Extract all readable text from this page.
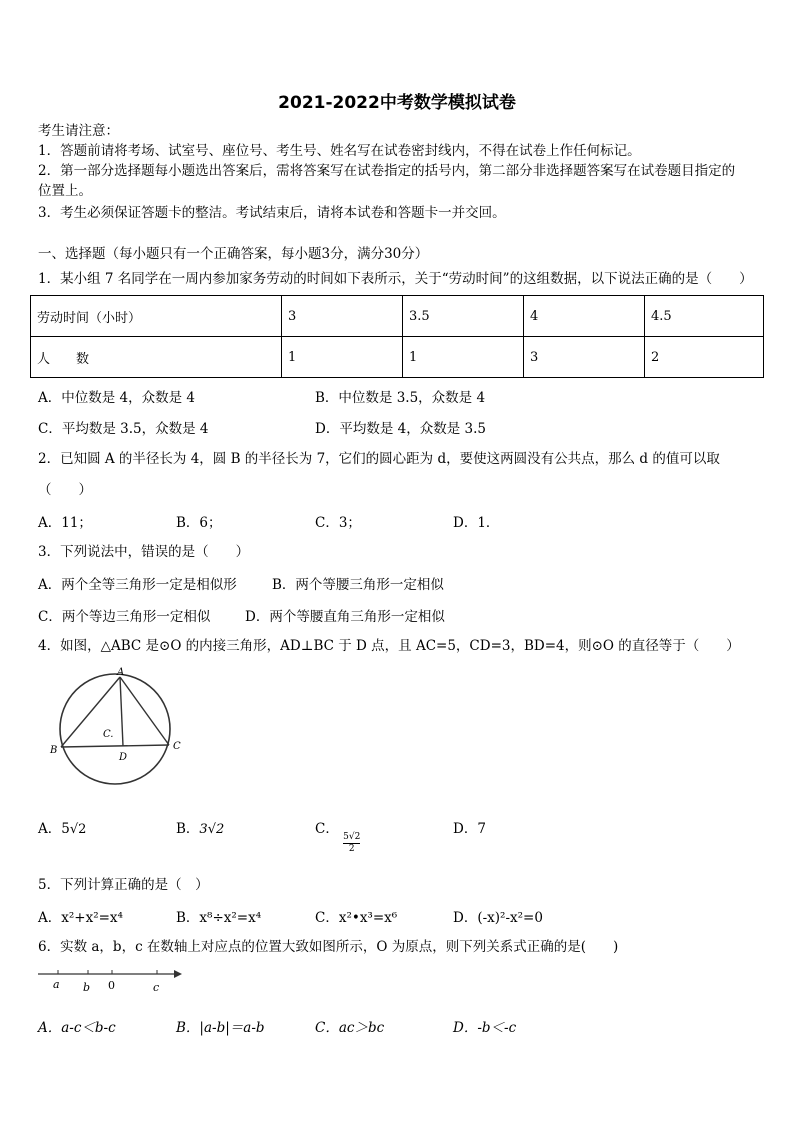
2021-2022中考数学模拟试卷
考生请注意：
1．答题前请将考场、试室号、座位号、考生号、姓名写在试卷密封线内，不得在试卷上作任何标记。
2．第一部分选择题每小题选出答案后，需将答案写在试卷指定的括号内，第二部分非选择题答案写在试卷题目指定的
位置上。
3．考生必须保证答题卡的整洁。考试结束后，请将本试卷和答题卡一并交回。
一、选择题（每小题只有一个正确答案，每小题3分，满分30分）
1．某小组 7 名同学在一周内参加家务劳动的时间如下表所示，关于“劳动时间”的这组数据，以下说法正确的是（　　）
劳动时间（小时）	3	3.5	4	4.5
人　　数	1	1	3	2
A．中位数是 4，众数是 4	B．中位数是 3.5，众数是 4
C．平均数是 3.5，众数是 4	D．平均数是 4，众数是 3.5
2．已知圆 A 的半径长为 4，圆 B 的半径长为 7，它们的圆心距为 d，要使这两圆没有公共点，那么 d 的值可以取
（　　）
A．11；	B．6；	C．3；	D．1．
3．下列说法中，错误的是（　　）
A．两个全等三角形一定是相似形	B．两个等腰三角形一定相似
C．两个等边三角形一定相似	D．两个等腰直角三角形一定相似
4．如图，△ABC 是⊙O 的内接三角形，AD⊥BC 于 D 点，且 AC=5，CD=3，BD=4，则⊙O 的直径等于（　　）
A
B	C
D
C.
A．5√2	B．3√2	C．
$\frac{5√2}{2}$
D．7
5．下列计算正确的是（　）
A．x²+x²=x⁴	B．x⁸÷x²=x⁴	C．x²•x³=x⁶	D．(-x)²-x²=0
6．实数 a，b，c 在数轴上对应点的位置大致如图所示，O 为原点，则下列关系式正确的是(　　)
a b 0	c
A．a-c＜b-c	B．|a-b|＝a-b	C．ac＞bc	D．-b＜-c
